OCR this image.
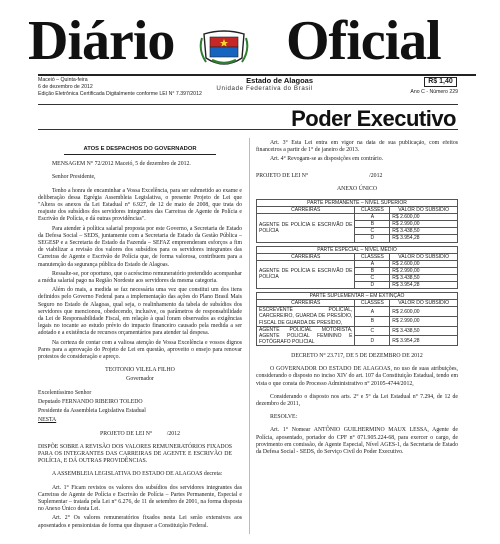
Diário Oficial
Maceió – Quinta-feira
6 de dezembro de 2012
Edição Eletrônica Certificada Digitalmente conforme LEI N° 7.397/2012
Estado de Alagoas
Unidade Federativa do Brasil
R$ 1,40
Ano C - Número 229
Poder Executivo
ATOS E DESPACHOS DO GOVERNADOR

MENSAGEM N° 72/2012 Maceió, 5 de dezembro de 2012.

Senhor Presidente,

Tenho a honra de encaminhar a Vossa Excelência, para ser submetido ao exame e deliberação dessa Egrégia Assembleia Legislativa, o presente Projeto de Lei que "Altera os anexos da Lei Estadual n° 6.927, de 12 de maio de 2008, que trata do reajuste dos subsídios dos servidores integrantes das Carreiras de Agente de Polícia e Escrivão de Polícia, e dá outras providências".

Para atender à política salarial proposta por este Governo, a Secretaria de Estado da Defesa Social – SEDS, juntamente com a Secretaria de Estado da Gestão Pública – SEGESP e a Secretaria de Estado da Fazenda – SEFAZ empreenderam esforços a fim de viabilizar a revisão dos valores dos subsídios para os servidores integrantes das Carreiras de Agente e Escrivão de Polícia que, de forma valorosa, contribuem para a manutenção da segurança pública do Estado de Alagoas.

Ressalte-se, por oportuno, que o acréscimo remuneratório pretendido acompanhar a média salarial pago na Região Nordeste aos servidores da mesma categoria.

Além do mais, a medida se faz necessária uma vez que constitui um dos itens definidos pelo Governo Federal para a implementação das ações do Plano Brasil Mais Seguro no Estado de Alagoas, qual seja, o realinhamento da tabela de subsídios dos servidores que mencionou, obedecendo, inclusive, os parâmetros de responsabilidade da Lei de Responsabilidade Fiscal, em relação à qual foram observados as exigências legais no tocante ao estudo prévio do impacto financeiro causado pela medida a ser adotado e a existência de recursos orçamentários para atender tal despesa.

Na certeza de contar com a valiosa atenção de Vossa Excelência e vossos dignos Pares para a aprovação do Projeto de Lei em questão, aproveito o ensejo para renovar protestos de consideração e apreço.

TEOTONIO VILELA FILHO

Governador

Excelentíssimo Senhor

Deputado FERNANDO RIBEIRO TOLEDO

Presidente da Assembleia Legislativa Estadual

NESTA

PROJETO DE LEI N°          /2012

DISPÕE SOBRE A REVISÃO DOS VALORES REMUNERATÓRIOS FIXADOS PARA OS INTEGRANTES DAS CARREIRAS DE AGENTE E ESCRIVÃO DE POLÍCIA, E DÁ OUTRAS PROVIDÊNCIAS.

A ASSEMBLEIA LEGISLATIVA DO ESTADO DE ALAGOAS decreta:

Art. 1° Ficam revistos os valores dos subsídios dos servidores integrantes das Carreiras de Agente de Polícia e Escrivão de Polícia – Partes Permanente, Especial e Suplementar – tratada pela Lei n° 6.276, de 11 de setembro de 2001, na forma disposta no Anexo Único desta Lei.

Art. 2° Os valores remuneratórios fixados nesta Lei serão extensivos aos aposentados e pensionistas de forma que dispuser a Constituição Federal.

Art. 3° Esta Lei entra em vigor na data de sua publicação, com efeitos financeiros a partir de 1° de janeiro de 2013.

Art. 4° Revogam-se as disposições em contrário.

PROJETO DE LEI N°                                          /2012

ANEXO ÚNICO

PARTE PERMANENTE – NÍVEL SUPERIOR		
CARREIRAS	CLASSES	VALOR DO SUBSÍDIO
AGENTE DE POLÍCIA E ESCRIVÃO DE POLÍCIA	A	R$ 2.600,00
	B	R$ 2.990,00
	C	R$ 3.438,50
	D	R$ 3.954,28
PARTE ESPECIAL – NÍVEL MÉDIO		
CARREIRAS	CLASSES	VALOR DO SUBSÍDIO
AGENTE DE POLÍCIA E ESCRIVÃO DE POLÍCIA	A	R$ 2.600,00
	B	R$ 2.990,00
	C	R$ 3.438,50
	D	R$ 3.954,28
PARTE SUPLEMENTAR – EM EXTINÇÃO		
CARREIRAS	CLASSES	VALOR DO SUBSÍDIO
ESCREVENTE POLICIAL, CARCEREIRO, GUARDA DE PRESÍDIO, FISCAL DE GUARDA DE PRESÍDIO,	A	R$ 2.600,00
	B	R$ 2.990,00
AGENTE POLICIAL MOTORISTA, AGENTE POLICIAL FEMININO E FOTÓGRAFO POLICIAL	C	R$ 3.438,50
	D	R$ 3.954,28

DECRETO N° 23.717, DE 5 DE DEZEMBRO DE 2012

O GOVERNADOR DO ESTADO DE ALAGOAS, no uso de suas atribuições, considerando o disposto no inciso XIV do art. 107 da Constituição Estadual, tendo em vista o que consta do Processo Administrativo n° 20105-4744/2012,

Considerando o disposto nos arts. 2° e 5° da Lei Estadual n° 7.294, de 12 de dezembro de 2011,

RESOLVE:

Art. 1° Nomear ANTÔNIO GUILHERMINO MAUX LESSA, Agente de Polícia, aposentado, portador do CPF n° 071.905.224-68, para exercer o cargo, de provimento em comissão, de Agente Especial, Nível AGES-1, da Secretaria de Estado da Defesa Social - SEDS, do Serviço Civil do Poder Executivo.
